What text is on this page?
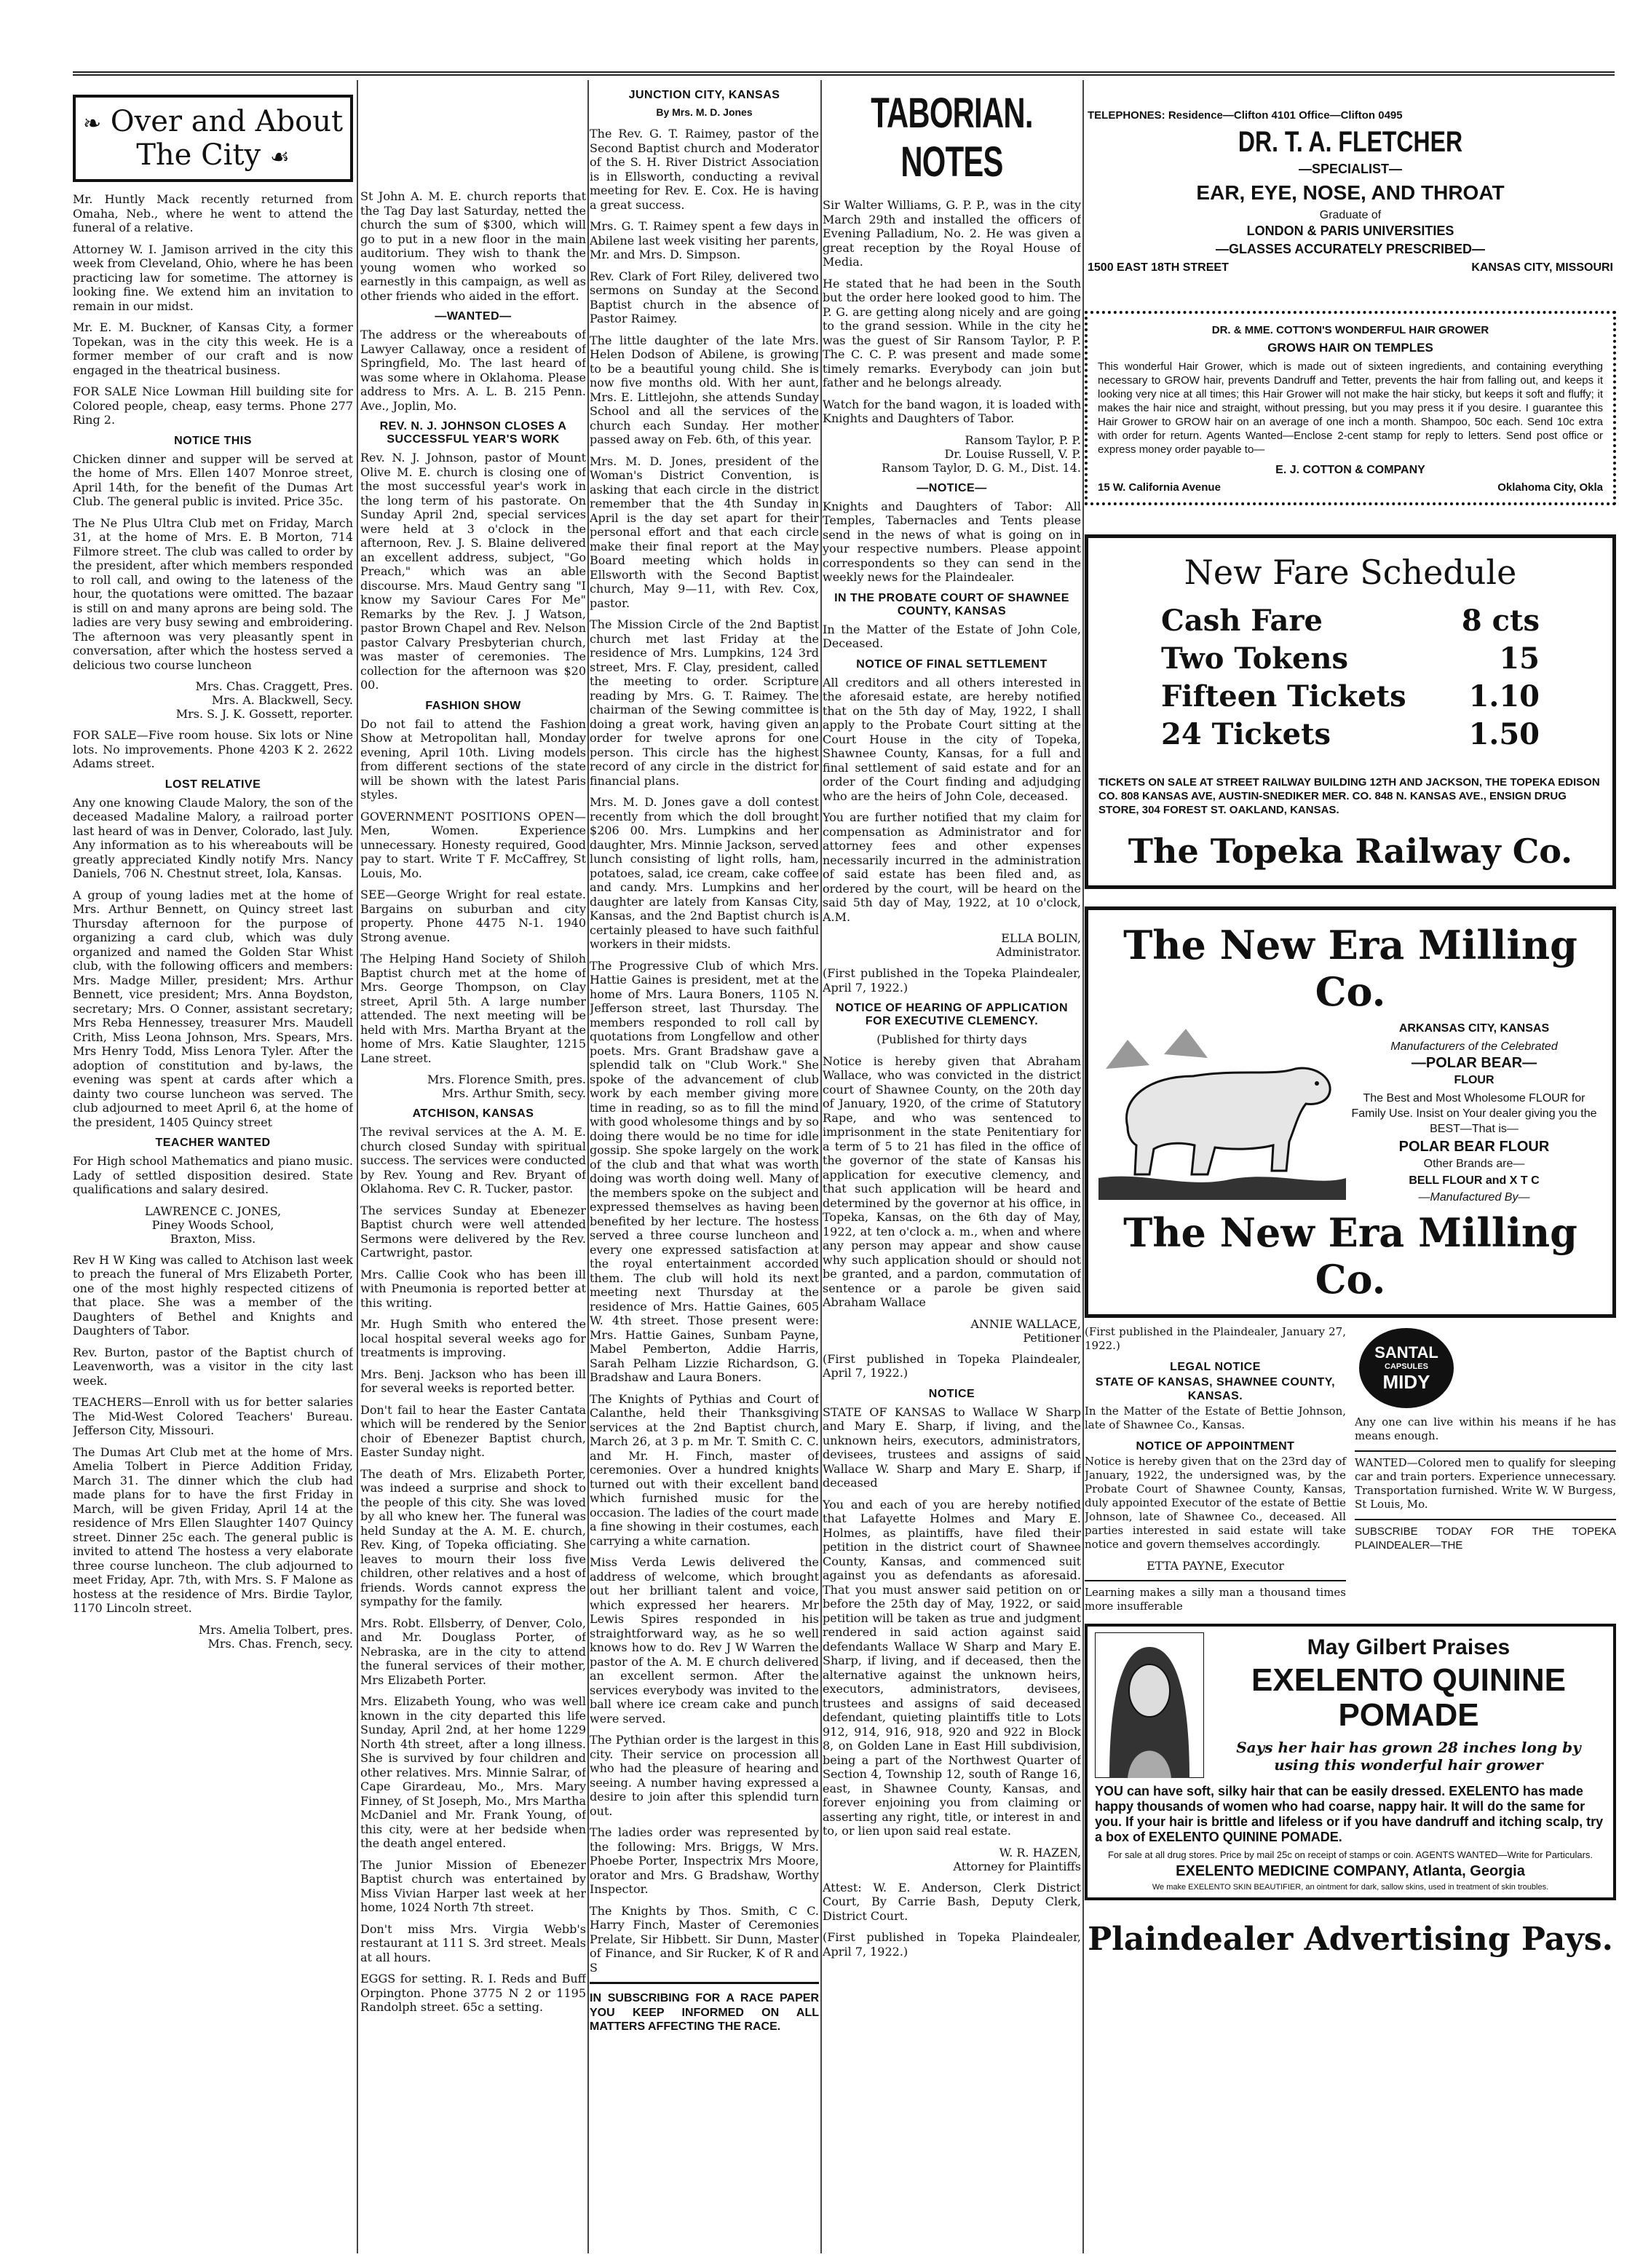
❧ Over and About The City ☙

Mr. Huntly Mack recently returned from Omaha, Neb., where he went to attend the funeral of a relative.

Attorney W. I. Jamison arrived in the city this week from Cleveland, Ohio, where he has been practicing law for sometime. The attorney is looking fine. We extend him an invitation to remain in our midst.

Mr. E. M. Buckner, of Kansas City, a former Topekan, was in the city this week. He is a former member of our craft and is now engaged in the theatrical business.

FOR SALE Nice Lowman Hill building site for Colored people, cheap, easy terms. Phone 277 Ring 2.

NOTICE THIS

Chicken dinner and supper will be served at the home of Mrs. Ellen 1407 Monroe street, April 14th, for the benefit of the Dumas Art Club. The general public is invited. Price 35c.

The Ne Plus Ultra Club met on Friday, March 31, at the home of Mrs. E. B Morton, 714 Filmore street. The club was called to order by the president, after which members responded to roll call, and owing to the lateness of the hour, the quotations were omitted. The bazaar is still on and many aprons are being sold. The ladies are very busy sewing and embroidering. The afternoon was very pleasantly spent in conversation, after which the hostess served a delicious two course luncheon

Mrs. Chas. Craggett, Pres.
Mrs. A. Blackwell, Secy.
Mrs. S. J. K. Gossett, reporter.

FOR SALE—Five room house. Six lots or Nine lots. No improvements. Phone 4203 K 2. 2622 Adams street.

LOST RELATIVE

Any one knowing Claude Malory, the son of the deceased Madaline Malory, a railroad porter last heard of was in Denver, Colorado, last July. Any information as to his whereabouts will be greatly appreciated Kindly notify Mrs. Nancy Daniels, 706 N. Chestnut street, Iola, Kansas.

A group of young ladies met at the home of Mrs. Arthur Bennett, on Quincy street last Thursday afternoon for the purpose of organizing a card club, which was duly organized and named the Golden Star Whist club, with the following officers and members: Mrs. Madge Miller, president; Mrs. Arthur Bennett, vice president; Mrs. Anna Boydston, secretary; Mrs. O Conner, assistant secretary; Mrs Reba Hennessey, treasurer Mrs. Maudell Crith, Miss Leona Johnson, Mrs. Spears, Mrs. Mrs Henry Todd, Miss Lenora Tyler. After the adoption of constitution and by-laws, the evening was spent at cards after which a dainty two course luncheon was served. The club adjourned to meet April 6, at the home of the president, 1405 Quincy street

TEACHER WANTED

For High school Mathematics and piano music. Lady of settled disposition desired. State qualifications and salary desired.

LAWRENCE C. JONES,
Piney Woods School,
Braxton, Miss.

Rev H W King was called to Atchison last week to preach the funeral of Mrs Elizabeth Porter, one of the most highly respected citizens of that place. She was a member of the Daughters of Bethel and Knights and Daughters of Tabor.

Rev. Burton, pastor of the Baptist church of Leavenworth, was a visitor in the city last week.

TEACHERS—Enroll with us for better salaries The Mid-West Colored Teachers' Bureau. Jefferson City, Missouri.

The Dumas Art Club met at the home of Mrs. Amelia Tolbert in Pierce Addition Friday, March 31. The dinner which the club had made plans for to have the first Friday in March, will be given Friday, April 14 at the residence of Mrs Ellen Slaughter 1407 Quincy street. Dinner 25c each. The general public is invited to attend The hostess a very elaborate three course luncheon. The club adjourned to meet Friday, Apr. 7th, with Mrs. S. F Malone as hostess at the residence of Mrs. Birdie Taylor, 1170 Lincoln street.

Mrs. Amelia Tolbert, pres.
Mrs. Chas. French, secy.

St John A. M. E. church reports that the Tag Day last Saturday, netted the church the sum of $300, which will go to put in a new floor in the main auditorium. They wish to thank the young women who worked so earnestly in this campaign, as well as other friends who aided in the effort.

—WANTED—

The address or the whereabouts of Lawyer Callaway, once a resident of Springfield, Mo. The last heard of was some where in Oklahoma. Please address to Mrs. A. L. B. 215 Penn. Ave., Joplin, Mo.

REV. N. J. JOHNSON CLOSES A SUCCESSFUL YEAR'S WORK

Rev. N. J. Johnson, pastor of Mount Olive M. E. church is closing one of the most successful year's work in the long term of his pastorate. On Sunday April 2nd, special services were held at 3 o'clock in the afternoon, Rev. J. S. Blaine delivered an excellent address, subject, "Go Preach," which was an able discourse. Mrs. Maud Gentry sang "I know my Saviour Cares For Me" Remarks by the Rev. J. J Watson, pastor Brown Chapel and Rev. Nelson pastor Calvary Presbyterian church, was master of ceremonies. The collection for the afternoon was $20 00.

FASHION SHOW

Do not fail to attend the Fashion Show at Metropolitan hall, Monday evening, April 10th. Living models from different sections of the state will be shown with the latest Paris styles.

GOVERNMENT POSITIONS OPEN—Men, Women. Experience unnecessary. Honesty required, Good pay to start. Write T F. McCaffrey, St Louis, Mo.

SEE—George Wright for real estate. Bargains on suburban and city property. Phone 4475 N-1. 1940 Strong avenue.

The Helping Hand Society of Shiloh Baptist church met at the home of Mrs. George Thompson, on Clay street, April 5th. A large number attended. The next meeting will be held with Mrs. Martha Bryant at the home of Mrs. Katie Slaughter, 1215 Lane street.

Mrs. Florence Smith, pres.
Mrs. Arthur Smith, secy.

ATCHISON, KANSAS

The revival services at the A. M. E. church closed Sunday with spiritual success. The services were conducted by Rev. Young and Rev. Bryant of Oklahoma. Rev C. R. Tucker, pastor.

The services Sunday at Ebenezer Baptist church were well attended Sermons were delivered by the Rev. Cartwright, pastor.

Mrs. Callie Cook who has been ill with Pneumonia is reported better at this writing.

Mr. Hugh Smith who entered the local hospital several weeks ago for treatments is improving.

Mrs. Benj. Jackson who has been ill for several weeks is reported better.

Don't fail to hear the Easter Cantata which will be rendered by the Senior choir of Ebenezer Baptist church, Easter Sunday night.

The death of Mrs. Elizabeth Porter, was indeed a surprise and shock to the people of this city. She was loved by all who knew her. The funeral was held Sunday at the A. M. E. church, Rev. King, of Topeka officiating. She leaves to mourn their loss five children, other relatives and a host of friends. Words cannot express the sympathy for the family.

Mrs. Robt. Ellsberry, of Denver, Colo, and Mr. Douglass Porter, of Nebraska, are in the city to attend the funeral services of their mother, Mrs Elizabeth Porter.

Mrs. Elizabeth Young, who was well known in the city departed this life Sunday, April 2nd, at her home 1229 North 4th street, after a long illness. She is survived by four children and other relatives. Mrs. Minnie Salrar, of Cape Girardeau, Mo., Mrs. Mary Finney, of St Joseph, Mo., Mrs Martha McDaniel and Mr. Frank Young, of this city, were at her bedside when the death angel entered.

The Junior Mission of Ebenezer Baptist church was entertained by Miss Vivian Harper last week at her home, 1024 North 7th street.

Don't miss Mrs. Virgia Webb's restaurant at 111 S. 3rd street. Meals at all hours.

EGGS for setting. R. I. Reds and Buff Orpington. Phone 3775 N 2 or 1195 Randolph street. 65c a setting.

JUNCTION CITY, KANSAS

By Mrs. M. D. Jones

The Rev. G. T. Raimey, pastor of the Second Baptist church and Moderator of the S. H. River District Association is in Ellsworth, conducting a revival meeting for Rev. E. Cox. He is having a great success.

Mrs. G. T. Raimey spent a few days in Abilene last week visiting her parents, Mr. and Mrs. D. Simpson.

Rev. Clark of Fort Riley, delivered two sermons on Sunday at the Second Baptist church in the absence of Pastor Raimey.

The little daughter of the late Mrs. Helen Dodson of Abilene, is growing to be a beautiful young child. She is now five months old. With her aunt, Mrs. E. Littlejohn, she attends Sunday School and all the services of the church each Sunday. Her mother passed away on Feb. 6th, of this year.

Mrs. M. D. Jones, president of the Woman's District Convention, is asking that each circle in the district remember that the 4th Sunday in April is the day set apart for their personal effort and that each circle make their final report at the May Board meeting which holds in Ellsworth with the Second Baptist church, May 9—11, with Rev. Cox, pastor.

The Mission Circle of the 2nd Baptist church met last Friday at the residence of Mrs. Lumpkins, 124 3rd street, Mrs. F. Clay, president, called the meeting to order. Scripture reading by Mrs. G. T. Raimey. The chairman of the Sewing committee is doing a great work, having given an order for twelve aprons for one person. This circle has the highest record of any circle in the district for financial plans.

Mrs. M. D. Jones gave a doll contest recently from which the doll brought $206 00. Mrs. Lumpkins and her daughter, Mrs. Minnie Jackson, served lunch consisting of light rolls, ham, potatoes, salad, ice cream, cake coffee and candy. Mrs. Lumpkins and her daughter are lately from Kansas City, Kansas, and the 2nd Baptist church is certainly pleased to have such faithful workers in their midsts.

The Progressive Club of which Mrs. Hattie Gaines is president, met at the home of Mrs. Laura Boners, 1105 N. Jefferson street, last Thursday. The members responded to roll call by quotations from Longfellow and other poets. Mrs. Grant Bradshaw gave a splendid talk on "Club Work." She spoke of the advancement of club work by each member giving more time in reading, so as to fill the mind with good wholesome things and by so doing there would be no time for idle gossip. She spoke largely on the work of the club and that what was worth doing was worth doing well. Many of the members spoke on the subject and expressed themselves as having been benefited by her lecture. The hostess served a three course luncheon and every one expressed satisfaction at the royal entertainment accorded them. The club will hold its next meeting next Thursday at the residence of Mrs. Hattie Gaines, 605 W. 4th street. Those present were: Mrs. Hattie Gaines, Sunbam Payne, Mabel Pemberton, Addie Harris, Sarah Pelham Lizzie Richardson, G. Bradshaw and Laura Boners.

The Knights of Pythias and Court of Calanthe, held their Thanksgiving services at the 2nd Baptist church, March 26, at 3 p. m Mr. T. Smith C. C. and Mr. H. Finch, master of ceremonies. Over a hundred knights turned out with their excellent band which furnished music for the occasion. The ladies of the court made a fine showing in their costumes, each carrying a white carnation.

Miss Verda Lewis delivered the address of welcome, which brought out her brilliant talent and voice, which expressed her hearers. Mr Lewis Spires responded in his straightforward way, as he so well knows how to do. Rev J W Warren the pastor of the A. M. E church delivered an excellent sermon. After the services everybody was invited to the ball where ice cream cake and punch were served.

The Pythian order is the largest in this city. Their service on procession all who had the pleasure of hearing and seeing. A number having expressed a desire to join after this splendid turn out.

The ladies order was represented by the following: Mrs. Briggs, W Mrs. Phoebe Porter, Inspectrix Mrs Moore, orator and Mrs. G Bradshaw, Worthy Inspector.

The Knights by Thos. Smith, C C. Harry Finch, Master of Ceremonies Prelate, Sir Hibbett. Sir Dunn, Master of Finance, and Sir Rucker, K of R and S

IN SUBSCRIBING FOR A RACE PAPER YOU KEEP INFORMED ON ALL MATTERS AFFECTING THE RACE.

TABORIAN. NOTES

Sir Walter Williams, G. P. P., was in the city March 29th and installed the officers of Evening Palladium, No. 2. He was given a great reception by the Royal House of Media.

He stated that he had been in the South but the order here looked good to him. The P. G. are getting along nicely and are going to the grand session. While in the city he was the guest of Sir Ransom Taylor, P. P. The C. C. P. was present and made some timely remarks. Everybody can join but father and he belongs already.

Watch for the band wagon, it is loaded with Knights and Daughters of Tabor.

Ransom Taylor, P. P.
Dr. Louise Russell, V. P.
Ransom Taylor, D. G. M., Dist. 14.

—NOTICE—

Knights and Daughters of Tabor: All Temples, Tabernacles and Tents please send in the news of what is going on in your respective numbers. Please appoint correspondents so they can send in the weekly news for the Plaindealer.

IN THE PROBATE COURT OF SHAWNEE COUNTY, KANSAS

In the Matter of the Estate of John Cole, Deceased.

NOTICE OF FINAL SETTLEMENT

All creditors and all others interested in the aforesaid estate, are hereby notified that on the 5th day of May, 1922, I shall apply to the Probate Court sitting at the Court House in the city of Topeka, Shawnee County, Kansas, for a full and final settlement of said estate and for an order of the Court finding and adjudging who are the heirs of John Cole, deceased.

You are further notified that my claim for compensation as Administrator and for attorney fees and other expenses necessarily incurred in the administration of said estate has been filed and, as ordered by the court, will be heard on the said 5th day of May, 1922, at 10 o'clock, A.M.

ELLA BOLIN,
Administrator.

(First published in the Topeka Plaindealer, April 7, 1922.)

NOTICE OF HEARING OF APPLICATION FOR EXECUTIVE CLEMENCY.

(Published for thirty days

Notice is hereby given that Abraham Wallace, who was convicted in the district court of Shawnee County, on the 20th day of January, 1920, of the crime of Statutory Rape, and who was sentenced to imprisonment in the state Penitentiary for a term of 5 to 21 has filed in the office of the governor of the state of Kansas his application for executive clemency, and that such application will be heard and determined by the governor at his office, in Topeka, Kansas, on the 6th day of May, 1922, at ten o'clock a. m., when and where any person may appear and show cause why such application should or should not be granted, and a pardon, commutation of sentence or a parole be given said Abraham Wallace

ANNIE WALLACE,
Petitioner

(First published in Topeka Plaindealer, April 7, 1922.)

NOTICE

STATE OF KANSAS to Wallace W Sharp and Mary E. Sharp, if living, and the unknown heirs, executors, administrators, devisees, trustees and assigns of said Wallace W. Sharp and Mary E. Sharp, if deceased

You and each of you are hereby notified that Lafayette Holmes and Mary E. Holmes, as plaintiffs, have filed their petition in the district court of Shawnee County, Kansas, and commenced suit against you as defendants as aforesaid. That you must answer said petition on or before the 25th day of May, 1922, or said petition will be taken as true and judgment rendered in said action against said defendants Wallace W Sharp and Mary E. Sharp, if living, and if deceased, then the alternative against the unknown heirs, executors, administrators, devisees, trustees and assigns of said deceased defendant, quieting plaintiffs title to Lots 912, 914, 916, 918, 920 and 922 in Block 8, on Golden Lane in East Hill subdivision, being a part of the Northwest Quarter of Section 4, Township 12, south of Range 16, east, in Shawnee County, Kansas, and forever enjoining you from claiming or asserting any right, title, or interest in and to, or lien upon said real estate.

W. R. HAZEN,
Attorney for Plaintiffs

Attest: W. E. Anderson, Clerk District Court, By Carrie Bash, Deputy Clerk, District Court.

(First published in Topeka Plaindealer, April 7, 1922.)

TELEPHONES: Residence—Clifton 4101 Office—Clifton 0495

DR. T. A. FLETCHER

—SPECIALIST—

EAR, EYE, NOSE, AND THROAT

Graduate of

LONDON & PARIS UNIVERSITIES

—GLASSES ACCURATELY PRESCRIBED—

1500 EAST 18TH STREET	KANSAS CITY, MISSOURI

DR. & MME. COTTON'S WONDERFUL HAIR GROWER

GROWS HAIR ON TEMPLES

This wonderful Hair Grower, which is made out of sixteen ingredients, and containing everything necessary to GROW hair, prevents Dandruff and Tetter, prevents the hair from falling out, and keeps it looking very nice at all times; this Hair Grower will not make the hair sticky, but keeps it soft and fluffy; it makes the hair nice and straight, without pressing, but you may press it if you desire. I guarantee this Hair Grower to GROW hair on an average of one inch a month. Shampoo, 50c each. Send 10c extra with order for return. Agents Wanted—Enclose 2-cent stamp for reply to letters. Send post office or express money order payable to—

E. J. COTTON & COMPANY

15 W. California Avenue	Oklahoma City, Okla

New Fare Schedule

Cash Fare	8 cts
Two Tokens	15
Fifteen Tickets 1.10
24 Tickets	1.50

TICKETS ON SALE AT STREET RAILWAY BUILDING 12TH AND JACKSON, THE TOPEKA EDISON CO. 808 KANSAS AVE, AUSTIN-SNEDIKER MER. CO. 848 N. KANSAS AVE., ENSIGN DRUG STORE, 304 FOREST ST. OAKLAND, KANSAS.

The Topeka Railway Co.

The New Era Milling Co.

ARKANSAS CITY, KANSAS

Manufacturers of the Celebrated

—POLAR BEAR—

FLOUR

The Best and Most Wholesome FLOUR for Family Use. Insist on Your dealer giving you the BEST—That is—

POLAR BEAR FLOUR

Other Brands are—

BELL FLOUR and X T C

—Manufactured By—

The New Era Milling Co.

(First published in the Plaindealer, January 27, 1922.)

LEGAL NOTICE
STATE OF KANSAS, SHAWNEE COUNTY, KANSAS.

In the Matter of the Estate of Bettie Johnson, late of Shawnee Co., Kansas.

NOTICE OF APPOINTMENT

Notice is hereby given that on the 23rd day of January, 1922, the undersigned was, by the Probate Court of Shawnee County, Kansas, duly appointed Executor of the estate of Bettie Johnson, late of Shawnee Co., deceased. All parties interested in said estate will take notice and govern themselves accordingly.

ETTA PAYNE, Executor

Learning makes a silly man a thousand times more insufferable

SANTAL
CAPSULES
MIDY

Any one can live within his means if he has means enough.

WANTED—Colored men to qualify for sleeping car and train porters. Experience unnecessary. Transportation furnished. Write W. W Burgess, St Louis, Mo.

SUBSCRIBE TODAY FOR THE TOPEKA PLAINDEALER—THE

May Gilbert Praises

EXELENTO QUININE

POMADE

Says her hair has grown 28 inches long by using this wonderful hair grower

YOU can have soft, silky hair that can be easily dressed. EXELENTO has made happy thousands of women who had coarse, nappy hair. It will do the same for you. If your hair is brittle and lifeless or if you have dandruff and itching scalp, try a box of EXELENTO QUININE POMADE.

For sale at all drug stores. Price by mail 25c on receipt of stamps or coin. AGENTS WANTED—Write for Particulars.

EXELENTO MEDICINE COMPANY, Atlanta, Georgia

We make EXELENTO SKIN BEAUTIFIER, an ointment for dark, sallow skins, used in treatment of skin troubles.

Plaindealer Advertising Pays.
